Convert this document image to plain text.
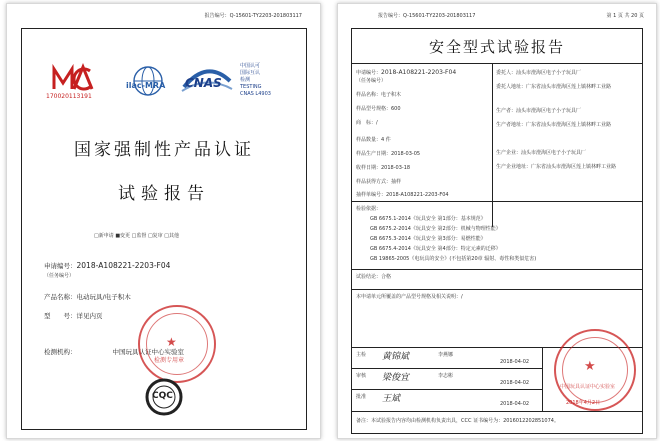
报告编号：Q-15601-TY2203-201803117
170020113191
ilac-MRA CNAS
中国认可
国际互认
检测
TESTING
CNAS L4903
国家强制性产品认证
试验报告
□新申请 ■变更 □监督 □复审 □其他
申请编号：2018-A108221-2203-F04
（任务编号）
产品名称：电动玩具/电子积木
型　　号：详见内页
检测机构：	中国玩具认证中心实验室
★
检测专用章
CQC
报告编号：Q-15601-TY2203-201803117	第 1 页 共 20 页
安全型式试验报告
申请编号：2018-A108221-2203-F04
（任务编号）
样品名称：电子积木
样品型号规格：600
商　标：/
样品数量：4 件
样品生产日期：2018-03-05
收样日期：2018-03-18
样品获得方式：抽样
抽样单编号：2018-A108221-2203-F04
委托人：汕头市澄海区电子小子玩具厂
委托人地址：广东省汕头市澄海区莲上镇林畔工业路
生产者：汕头市澄海区电子小子玩具厂
生产者地址：广东省汕头市澄海区莲上镇林畔工业路
生产企业：汕头市澄海区电子小子玩具厂
生产企业地址：广东省汕头市澄海区莲上镇林畔工业路
检验依据：
GB 6675.1-2014《玩具安全 第1部分：基本规范》
GB 6675.2-2014《玩具安全 第2部分：机械与物理性能》
GB 6675.3-2014《玩具安全 第3部分：易燃性能》
GB 6675.4-2014《玩具安全 第4部分：特定元素的迁移》
GB 19865-2005《电玩具的安全》(不包括第20章 辐射、毒性和类似危害)
试验结论：合格
本申请单元所覆盖的产品型号规格及相关说明：/
主检 黄锦斌	李燕娜
2018-04-02
审核 梁俊宜	李志彬
2018-04-02
批准 王斌	2018-04-02
★
中国玩具认证中心实验室
2018年4月2日
备注：本试验报告内容均由检测机构负责出具，CCC 证书编号为：2016012202851074。
